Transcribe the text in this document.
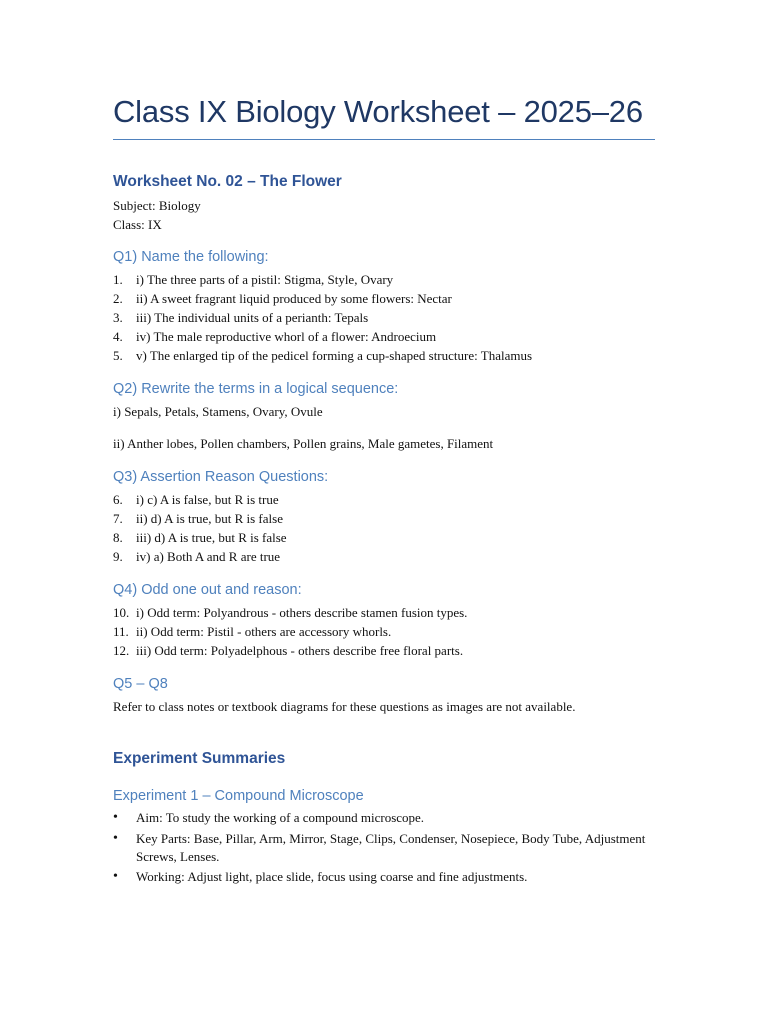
Class IX Biology Worksheet – 2025–26
Worksheet No. 02 – The Flower
Subject: Biology
Class: IX
Q1) Name the following:
1.	i) The three parts of a pistil: Stigma, Style, Ovary
2.	ii) A sweet fragrant liquid produced by some flowers: Nectar
3.	iii) The individual units of a perianth: Tepals
4.	iv) The male reproductive whorl of a flower: Androecium
5.	v) The enlarged tip of the pedicel forming a cup-shaped structure: Thalamus
Q2) Rewrite the terms in a logical sequence:
i) Sepals, Petals, Stamens, Ovary, Ovule
ii) Anther lobes, Pollen chambers, Pollen grains, Male gametes, Filament
Q3) Assertion Reason Questions:
6.	i) c) A is false, but R is true
7.	ii) d) A is true, but R is false
8.	iii) d) A is true, but R is false
9.	iv) a) Both A and R are true
Q4) Odd one out and reason:
10. i) Odd term: Polyandrous - others describe stamen fusion types.
11. ii) Odd term: Pistil - others are accessory whorls.
12. iii) Odd term: Polyadelphous - others describe free floral parts.
Q5 – Q8
Refer to class notes or textbook diagrams for these questions as images are not available.
Experiment Summaries
Experiment 1 – Compound Microscope
• Aim: To study the working of a compound microscope.
• Key Parts: Base, Pillar, Arm, Mirror, Stage, Clips, Condenser, Nosepiece, Body Tube, Adjustment Screws, Lenses.
• Working: Adjust light, place slide, focus using coarse and fine adjustments.
